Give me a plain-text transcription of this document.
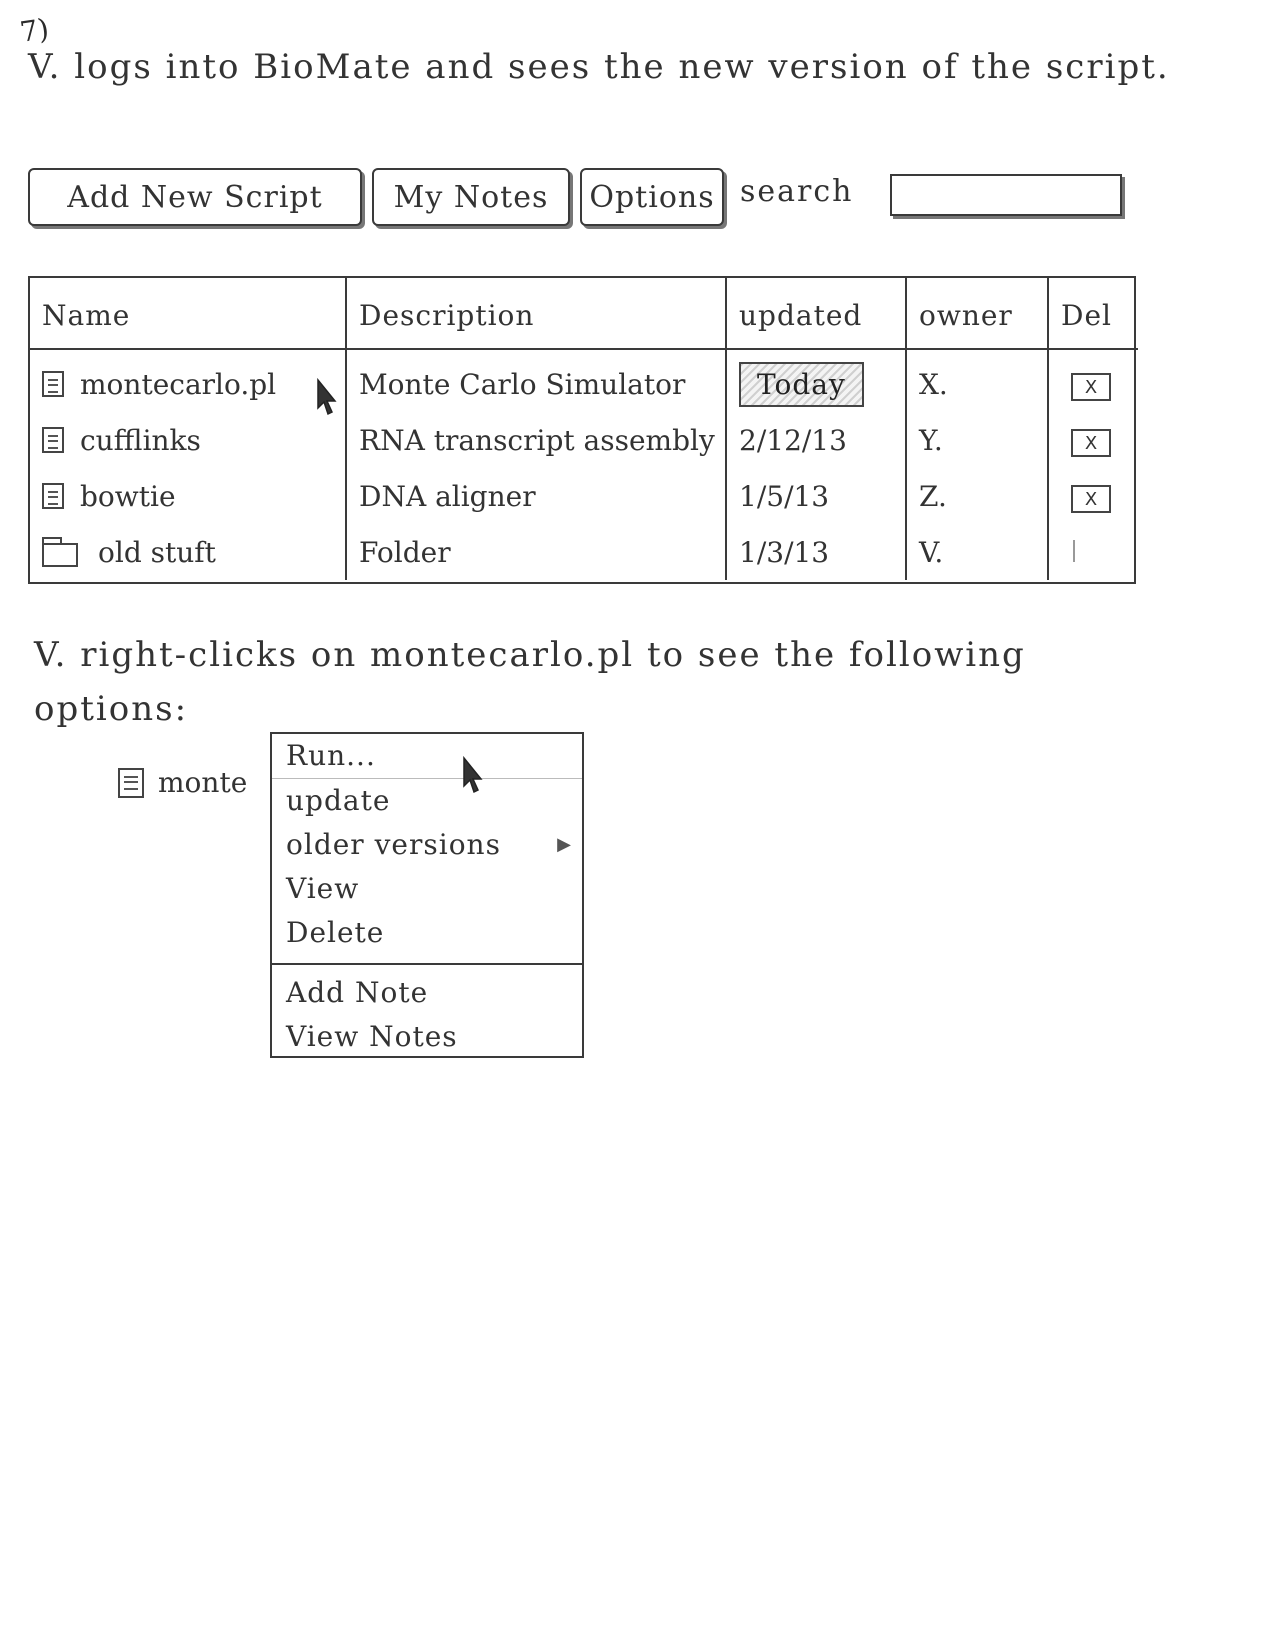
7)

V. logs into BioMate and sees the new version of the script.

Add New Script	My Notes	Options search
Name	Description	updated	owner	Del

montecarlo.pl	Monte Carlo Simulator	Today	X.	X

cufflinks	RNA transcript assembly	2/12/13	Y.	X

bowtie	DNA aligner	1/5/13	Z.	X

old stuft	Folder	1/3/13	V.	

V. right-clicks on montecarlo.pl to see the following options:

monte
Run...
update
older versions	▶
View
Delete
Add Note
View Notes
